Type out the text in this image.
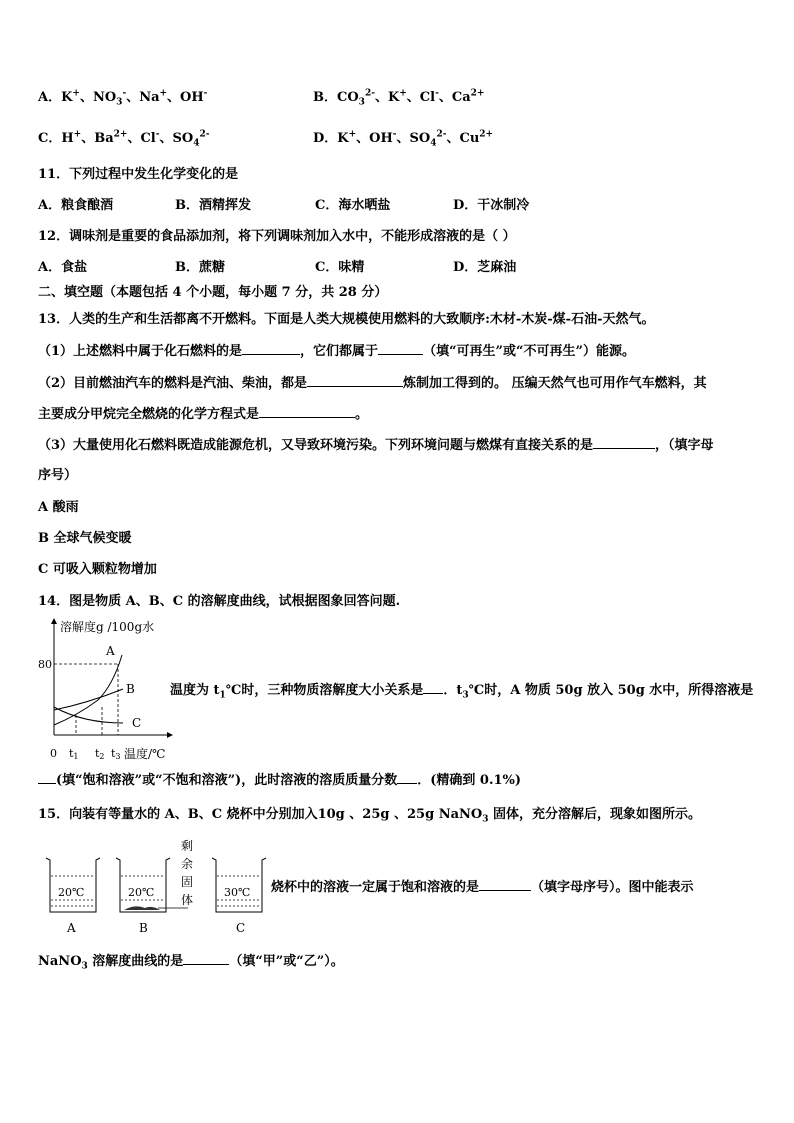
A．K+、$NO_3^-$、Na+、OH-	B．$CO_3^{2-}$、K+、Cl-、$Ca^{2+}$
C．H+、$Ba^{2+}$、Cl-、$SO_4^{2-}$	D．K+、OH-、$SO_4^{2-}$、$Cu^{2+}$
11．下列过程中发生化学变化的是
A．粮食酿酒	B．酒精挥发	C．海水晒盐	D．干冰制冷
12．调味剂是重要的食品添加剂，将下列调味剂加入水中，不能形成溶液的是（ ）
A．食盐	B．蔗糖	C．味精	D．芝麻油
二、填空题（本题包括 4 个小题，每小题 7 分，共 28 分）
13．人类的生产和生活都离不开燃料。下面是人类大规模使用燃料的大致顺序:木材-木炭-煤-石油-天然气。
（1）上述燃料中属于化石燃料的是	，它们都属于	（填“可再生”或“不可再生”）能源。
（2）目前燃油汽车的燃料是汽油、柴油，都是	炼制加工得到的。 压编天然气也可用作气车燃料，其
主要成分甲烷完全燃烧的化学方程式是	。
（3）大量使用化石燃料既造成能源危机，又导致环境污染。下列环境问题与燃煤有直接关系的是	，（填字母
序号）
A 酸雨
B 全球气候变暖
C 可吸入颗粒物增加
14．图是物质 A、B、C 的溶解度曲线，试根据图象回答问题.
溶解度g /100g水
80
A
B
C
0 t1 t2 t3 温度/℃
温度为 $t_1℃$时，三种物质溶解度大小关系是 ．$t_3℃$时，A 物质 50g 放入 50g 水中，所得溶液是
(填“饱和溶液”或“不饱和溶液”)，此时溶液的溶质质量分数 ．(精确到 0.1%)
15．向装有等量水的 A、B、C 烧杯中分别加入10g 、25g 、25g NaNO$_3$ 固体，充分溶解后，现象如图所示。
20℃
A
20℃
B
30℃
C
剩 余 固 体
烧杯中的溶液一定属于饱和溶液的是	（填字母序号）。图中能表示
NaNO$_3$ 溶解度曲线的是	（填“甲”或“乙”）。
